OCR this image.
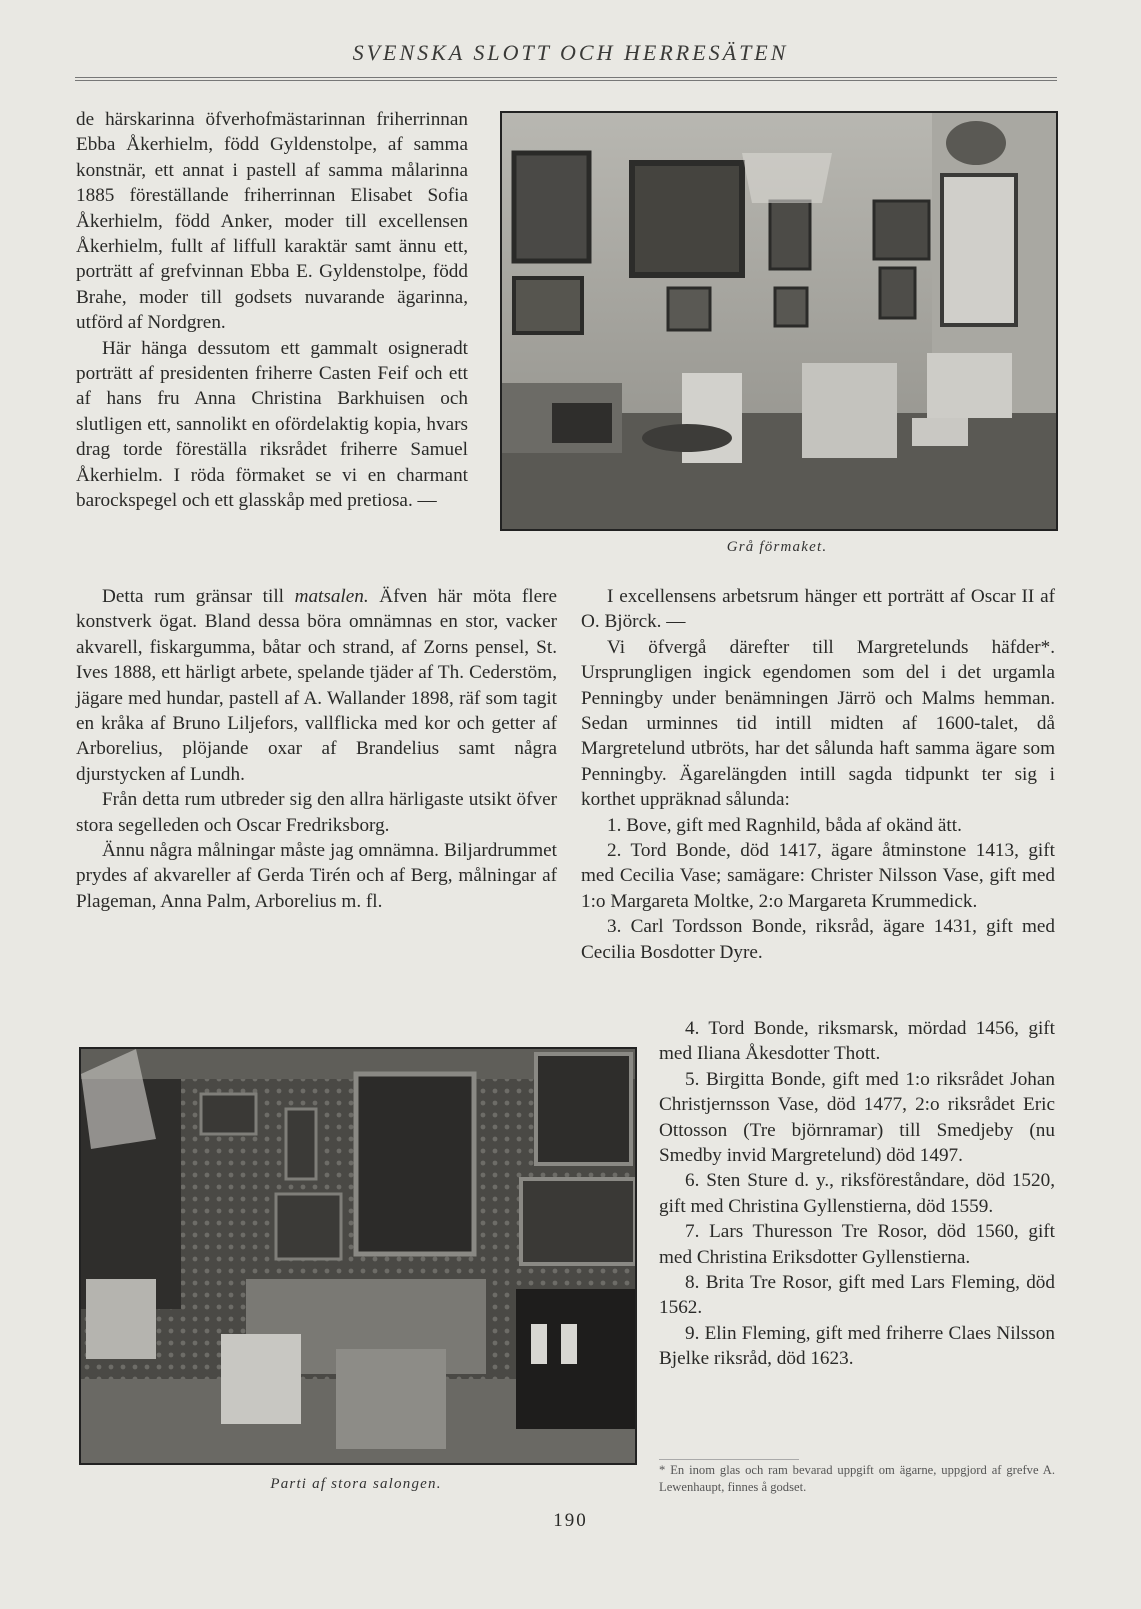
SVENSKA SLOTT OCH HERRESÄTEN

de härskarinna öfverhofmästarinnan friherrinnan Ebba Åkerhielm, född Gyldenstolpe, af samma konstnär, ett annat i pastell af samma målarinna 1885 föreställande friherrinnan Elisabet Sofia Åkerhielm, född Anker, moder till excellensen Åkerhielm, fullt af liffull karaktär samt ännu ett, porträtt af grefvinnan Ebba E. Gyldenstolpe, född Brahe, moder till godsets nuvarande ägarinna, utförd af Nordgren.

Här hänga dessutom ett gammalt osigneradt porträtt af presidenten friherre Casten Feif och ett af hans fru Anna Christina Barkhuisen och slutligen ett, sannolikt en ofördelaktig kopia, hvars drag torde föreställa riksrådet friherre Samuel Åkerhielm. I röda förmaket se vi en charmant barockspegel och ett glasskåp med pretiosa. —

Detta rum gränsar till matsalen. Äfven här möta flere konstverk ögat. Bland dessa böra omnämnas en stor, vacker akvarell, fiskargumma, båtar och strand, af Zorns pensel, St. Ives 1888, ett härligt arbete, spelande tjäder af Th. Cederstöm, jägare med hundar, pastell af A. Wallander 1898, räf som tagit en kråka af Bruno Liljefors, vallflicka med kor och getter af Arborelius, plöjande oxar af Brandelius samt några djurstycken af Lundh.

Från detta rum utbreder sig den allra härligaste utsikt öfver stora segelleden och Oscar Fredriksborg.

Ännu några målningar måste jag omnämna. Biljardrummet prydes af akvareller af Gerda Tirén och af Berg, målningar af Plageman, Anna Palm, Arborelius m. fl.

Grå förmaket.

I excellensens arbetsrum hänger ett porträtt af Oscar II af O. Björck. —

Vi öfvergå därefter till Margretelunds häfder*. Ursprungligen ingick egendomen som del i det urgamla Penningby under benämningen Järrö och Malms hemman. Sedan urminnes tid intill midten af 1600-talet, då Margretelund utbröts, har det sålunda haft samma ägare som Penningby. Ägarelängden intill sagda tidpunkt ter sig i korthet uppräknad sålunda:

1. Bove, gift med Ragnhild, båda af okänd ätt.

2. Tord Bonde, död 1417, ägare åtminstone 1413, gift med Cecilia Vase; samägare: Christer Nilsson Vase, gift med 1:o Margareta Moltke, 2:o Margareta Krummedick.

3. Carl Tordsson Bonde, riksråd, ägare 1431, gift med Cecilia Bosdotter Dyre.

4. Tord Bonde, riksmarsk, mördad 1456, gift med Iliana Åkesdotter Thott.

5. Birgitta Bonde, gift med 1:o riksrådet Johan Christjernsson Vase, död 1477, 2:o riksrådet Eric Ottosson (Tre björnramar) till Smedjeby (nu Smedby invid Margretelund) död 1497.

6. Sten Sture d. y., riksföreståndare, död 1520, gift med Christina Gyllenstierna, död 1559.

7. Lars Thuresson Tre Rosor, död 1560, gift med Christina Eriksdotter Gyllenstierna.

8. Brita Tre Rosor, gift med Lars Fleming, död 1562.

9. Elin Fleming, gift med friherre Claes Nilsson Bjelke riksråd, död 1623.

Parti af stora salongen.
* En inom glas och ram bevarad uppgift om ägarne, uppgjord af grefve A. Lewenhaupt, finnes å godset.
190
